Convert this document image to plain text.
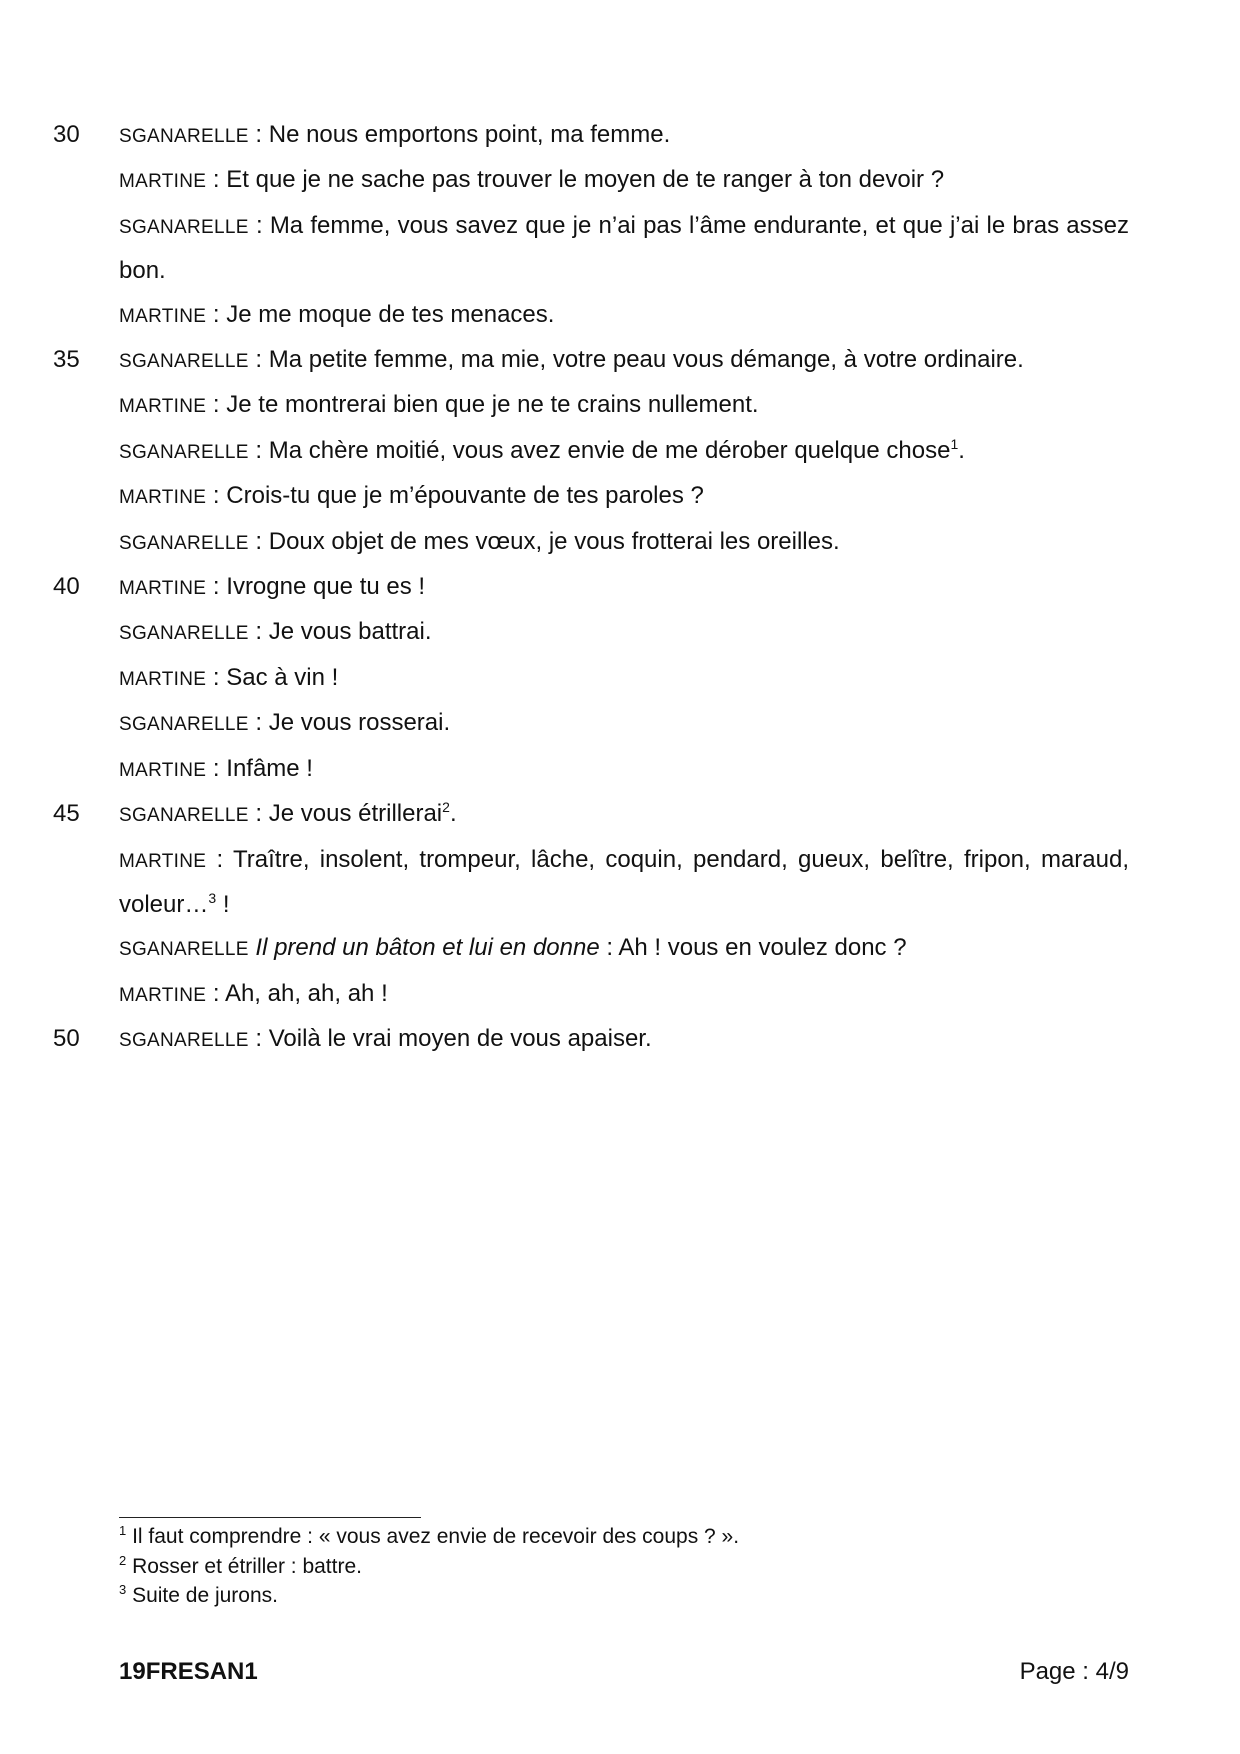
30 SGANARELLE : Ne nous emportons point, ma femme.
MARTINE : Et que je ne sache pas trouver le moyen de te ranger à ton devoir ?
SGANARELLE : Ma femme, vous savez que je n’ai pas l’âme endurante, et que j’ai le bras assez bon.
MARTINE : Je me moque de tes menaces.
35 SGANARELLE : Ma petite femme, ma mie, votre peau vous démange, à votre ordinaire.
MARTINE : Je te montrerai bien que je ne te crains nullement.
SGANARELLE : Ma chère moitié, vous avez envie de me dérober quelque chose$^1$.
MARTINE : Crois-tu que je m’épouvante de tes paroles ?
SGANARELLE : Doux objet de mes vœux, je vous frotterai les oreilles.
40 MARTINE : Ivrogne que tu es !
SGANARELLE : Je vous battrai.
MARTINE : Sac à vin !
SGANARELLE : Je vous rosserai.
MARTINE : Infâme !
45 SGANARELLE : Je vous étrillerai$^2$.
MARTINE : Traître, insolent, trompeur, lâche, coquin, pendard, gueux, belître, fripon, maraud, voleur…$^3$ !
SGANARELLE Il prend un bâton et lui en donne : Ah ! vous en voulez donc ?
MARTINE : Ah, ah, ah, ah !
50 SGANARELLE : Voilà le vrai moyen de vous apaiser.
$^1$ Il faut comprendre : « vous avez envie de recevoir des coups ? ».
$^2$ Rosser et étriller : battre.
$^3$ Suite de jurons.
19FRESAN1	Page : 4/9
